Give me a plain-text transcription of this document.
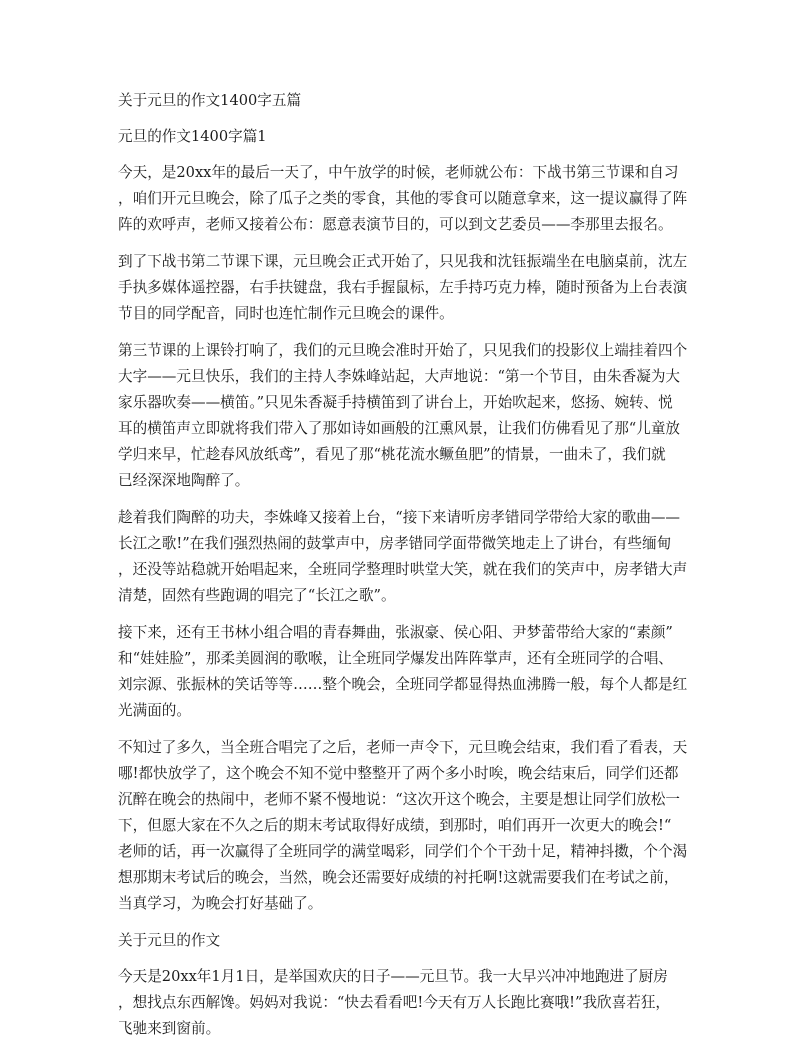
关于元旦的作文1400字五篇
元旦的作文1400字篇1
今天，是20xx年的最后一天了，中午放学的时候，老师就公布：下战书第三节课和自习
，咱们开元旦晚会，除了瓜子之类的零食，其他的零食可以随意拿来，这一提议赢得了阵
阵的欢呼声，老师又接着公布：愿意表演节目的，可以到文艺委员——李那里去报名。
到了下战书第二节课下课，元旦晚会正式开始了，只见我和沈钰振端坐在电脑桌前，沈左
手执多媒体遥控器，右手扶键盘，我右手握鼠标，左手持巧克力棒，随时预备为上台表演
节目的同学配音，同时也连忙制作元旦晚会的课件。
第三节课的上课铃打响了，我们的元旦晚会准时开始了，只见我们的投影仪上端挂着四个
大字——元旦快乐，我们的主持人李姝峰站起，大声地说：“第一个节目，由朱香凝为大
家乐器吹奏——横笛。”只见朱香凝手持横笛到了讲台上，开始吹起来，悠扬、婉转、悦
耳的横笛声立即就将我们带入了那如诗如画般的江熏风景，让我们仿佛看见了那“儿童放
学归来早，忙趁春风放纸鸢”，看见了那“桃花流水鳜鱼肥”的情景，一曲未了，我们就
已经深深地陶醉了。
趁着我们陶醉的功夫，李姝峰又接着上台，“接下来请听房孝错同学带给大家的歌曲——
长江之歌!”在我们强烈热闹的鼓掌声中，房孝错同学面带微笑地走上了讲台，有些缅甸
，还没等站稳就开始唱起来，全班同学整理时哄堂大笑，就在我们的笑声中，房孝错大声
清楚，固然有些跑调的唱完了“长江之歌”。
接下来，还有王书林小组合唱的青春舞曲，张淑豪、侯心阳、尹梦蕾带给大家的“素颜”
和“娃娃脸”，那柔美圆润的歌喉，让全班同学爆发出阵阵掌声，还有全班同学的合唱、
刘宗源、张振林的笑话等等……整个晚会，全班同学都显得热血沸腾一般，每个人都是红
光满面的。
不知过了多久，当全班合唱完了之后，老师一声令下，元旦晚会结束，我们看了看表，天
哪!都快放学了，这个晚会不知不觉中整整开了两个多小时唉，晚会结束后，同学们还都
沉醉在晚会的热闹中，老师不紧不慢地说：“这次开这个晚会，主要是想让同学们放松一
下，但愿大家在不久之后的期末考试取得好成绩，到那时，咱们再开一次更大的晚会!“
老师的话，再一次赢得了全班同学的满堂喝彩，同学们个个干劲十足，精神抖擞，个个渴
想那期末考试后的晚会，当然，晚会还需要好成绩的衬托啊!这就需要我们在考试之前，
当真学习，为晚会打好基础了。
关于元旦的作文
今天是20xx年1月1日，是举国欢庆的日子——元旦节。我一大早兴冲冲地跑进了厨房
，想找点东西解馋。妈妈对我说：“快去看看吧!今天有万人长跑比赛哦!”我欣喜若狂，
飞驰来到窗前。
